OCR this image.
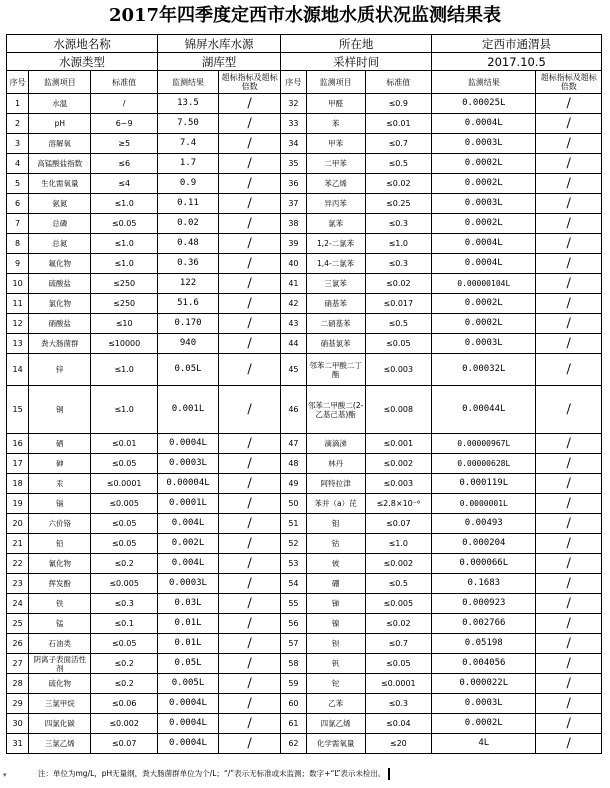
2017年四季度定西市水源地水质状况监测结果表
水源地名称			锦屏水库水源		所在地			定西市通渭县	
水源类型			湖库型		采样时间			2017.10.5	
序号	监测项目	标准值	监测结果	超标指标及超标倍数	序号	监测项目	标准值	监测结果	超标指标及超标倍数
1	水温	/	13.5	/	32	甲醛	≤0.9	0.00025L	/
2	pH	6~9	7.50	/	33	苯	≤0.01	0.0004L	/
3	溶解氧	≥5	7.4	/	34	甲苯	≤0.7	0.0003L	/
4	高锰酸盐指数	≤6	1.7	/	35	二甲苯	≤0.5	0.0002L	/
5	生化需氧量	≤4	0.9	/	36	苯乙烯	≤0.02	0.0002L	/
6	氨氮	≤1.0	0.11	/	37	异丙苯	≤0.25	0.0003L	/
7	总磷	≤0.05	0.02	/	38	氯苯	≤0.3	0.0002L	/
8	总氮	≤1.0	0.48	/	39	1,2-二氯苯	≤1.0	0.0004L	/
9	氟化物	≤1.0	0.36	/	40	1,4-二氯苯	≤0.3	0.0004L	/
10	硫酸盐	≤250	122	/	41	三氯苯	≤0.02	0.00000104L	/
11	氯化物	≤250	51.6	/	42	硝基苯	≤0.017	0.0002L	/
12	硝酸盐	≤10	0.170	/	43	二硝基苯	≤0.5	0.0002L	/
13	粪大肠菌群	≤10000	940	/	44	硝基氯苯	≤0.05	0.0003L	/
14	锌	≤1.0	0.05L	/	45	邻苯二甲酸二丁酯	≤0.003	0.00032L	/
15	铜	≤1.0	0.001L	/	46	邻苯二甲酸二(2-乙基己基)酯	≤0.008	0.00044L	/
16	硒	≤0.01	0.0004L	/	47	滴滴涕	≤0.001	0.00000967L	/
17	砷	≤0.05	0.0003L	/	48	林丹	≤0.002	0.00000628L	/
18	汞	≤0.0001	0.00004L	/	49	阿特拉津	≤0.003	0.000119L	/
19	镉	≤0.005	0.0001L	/	50	苯并（a）芘	≤2.8×10⁻⁶	0.0000001L	/
20	六价铬	≤0.05	0.004L	/	51	钼	≤0.07	0.00493	/
21	铅	≤0.05	0.002L	/	52	钴	≤1.0	0.000204	/
22	氰化物	≤0.2	0.004L	/	53	铍	≤0.002	0.000066L	/
23	挥发酚	≤0.005	0.0003L	/	54	硼	≤0.5	0.1683	/
24	铁	≤0.3	0.03L	/	55	锑	≤0.005	0.000923	/
25	锰	≤0.1	0.01L	/	56	镍	≤0.02	0.002766	/
26	石油类	≤0.05	0.01L	/	57	钡	≤0.7	0.05198	/
27	阴离子表面活性剂	≤0.2	0.05L	/	58	钒	≤0.05	0.004056	/
28	硫化物	≤0.2	0.005L	/	59	铊	≤0.0001	0.000022L	/
29	三氯甲烷	≤0.06	0.0004L	/	60	乙苯	≤0.3	0.0003L	/
30	四氯化碳	≤0.002	0.0004L	/	61	四氯乙烯	≤0.04	0.0002L	/
31	三氯乙烯	≤0.07	0.0004L	/	62	化学需氧量	≤20	4L	/
注：单位为mg/L，pH无量纲，粪大肠菌群单位为个/L；“/”表示无标准或未监测；数字+“L”表示未检出。
▾
